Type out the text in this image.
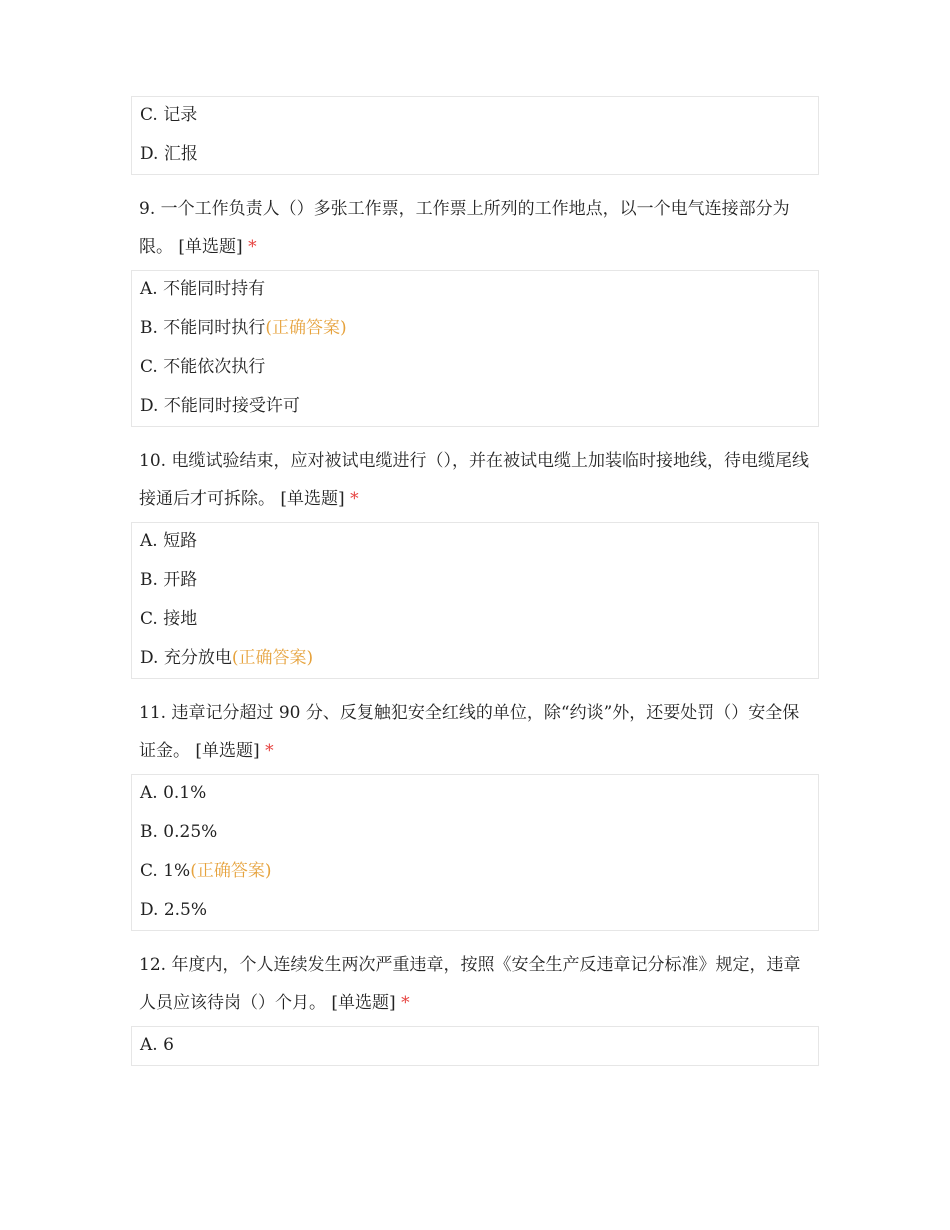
C. 记录
D. 汇报

9. 一个工作负责人（）多张工作票，工作票上所列的工作地点，以一个电气连接部分为限。 [单选题] *

A. 不能同时持有
B. 不能同时执行(正确答案)
C. 不能依次执行
D. 不能同时接受许可

10. 电缆试验结束，应对被试电缆进行（），并在被试电缆上加装临时接地线，待电缆尾线接通后才可拆除。 [单选题] *

A. 短路
B. 开路
C. 接地
D. 充分放电(正确答案)

11. 违章记分超过 90 分、反复触犯安全红线的单位，除“约谈”外，还要处罚（）安全保证金。 [单选题] *

A. 0.1%
B. 0.25%
C. 1%(正确答案)
D. 2.5%

12. 年度内，个人连续发生两次严重违章，按照《安全生产反违章记分标准》规定，违章人员应该待岗（）个月。 [单选题] *

A. 6
